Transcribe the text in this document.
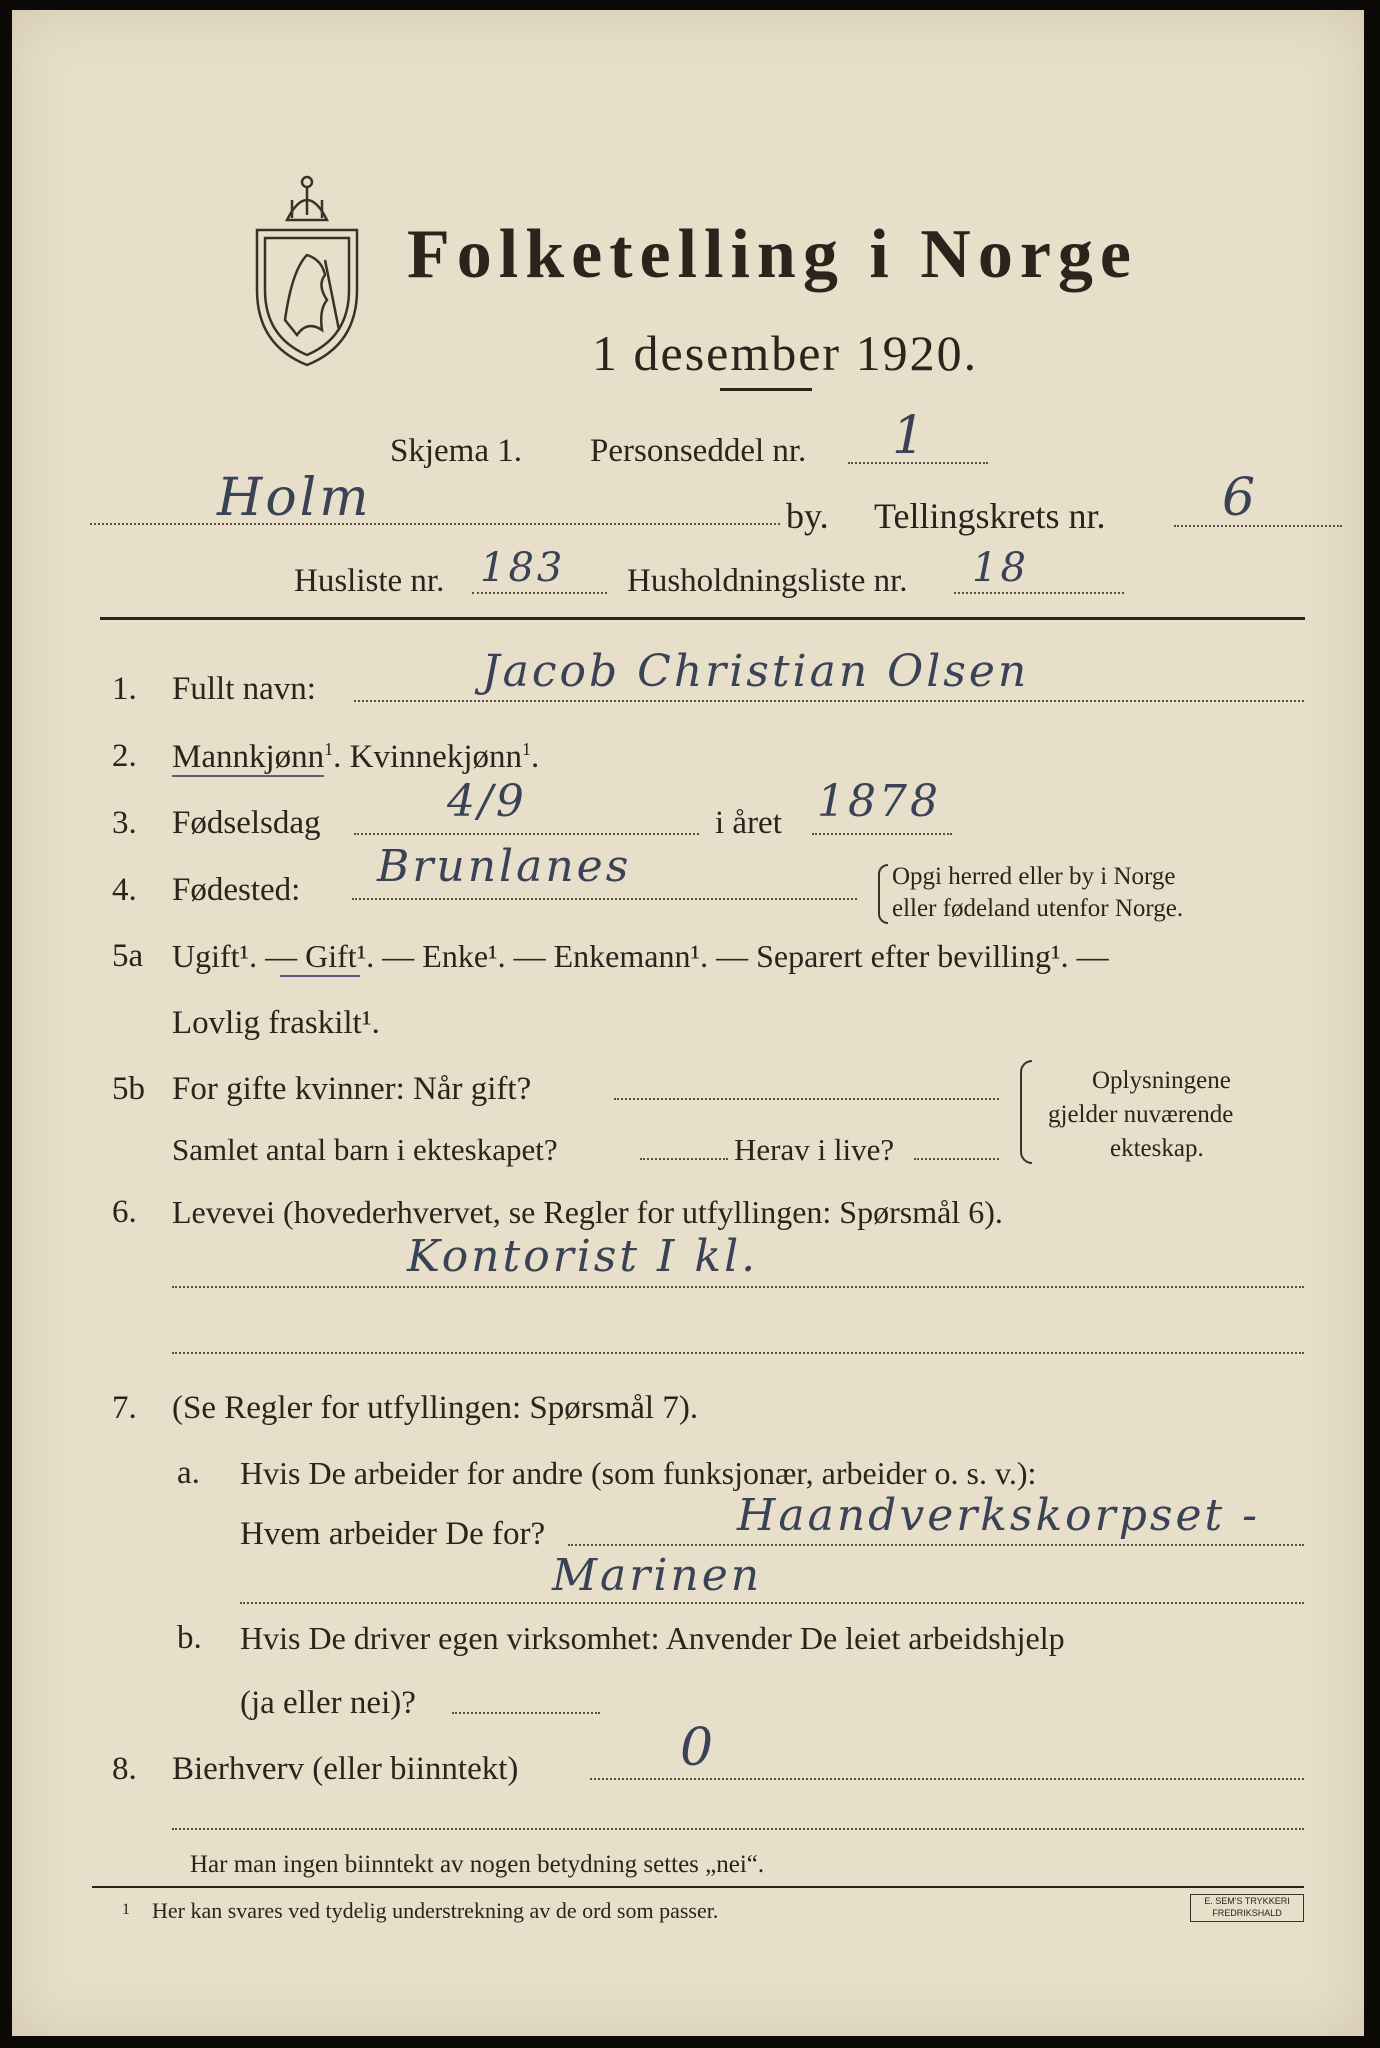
Folketelling i Norge
1 desember 1920.
Skjema 1. Personseddel nr. 1
Holm	by. Tellingskrets nr. 6
Husliste nr. 183 Husholdningsliste nr. 18
1. Fullt navn:	Jacob Christian Olsen
2. Mannkjønn$^1$. Kvinnekjønn$^1$.
3. Fødselsdag	4/9	i året 1878
4. Fødested: Brunlanes	Opgi herred eller by i Norge
eller fødeland utenfor Norge.
5a Ugift¹. — Gift¹. — Enke¹. — Enkemann¹. — Separert efter bevilling¹. —
Lovlig fraskilt¹.
5b For gifte kvinner: Når gift?
Samlet antal barn i ekteskapet?	Herav i live?
Oplysningene
gjelder nuværende
ekteskap.
6. Levevei (hovederhvervet, se Regler for utfyllingen: Spørsmål 6).
Kontorist I kl.
7. (Se Regler for utfyllingen: Spørsmål 7).
a. Hvis De arbeider for andre (som funksjonær, arbeider o. s. v.):
Hvem arbeider De for?	Haandverkskorpset -
Marinen
b. Hvis De driver egen virksomhet: Anvender De leiet arbeidshjelp
(ja eller nei)?
8. Bierhverv (eller biinntekt)	0
Har man ingen biinntekt av nogen betydning settes „nei“.
1 Her kan svares ved tydelig understrekning av de ord som passer.	E. SEM'S TRYKKERI FREDRIKSHALD
